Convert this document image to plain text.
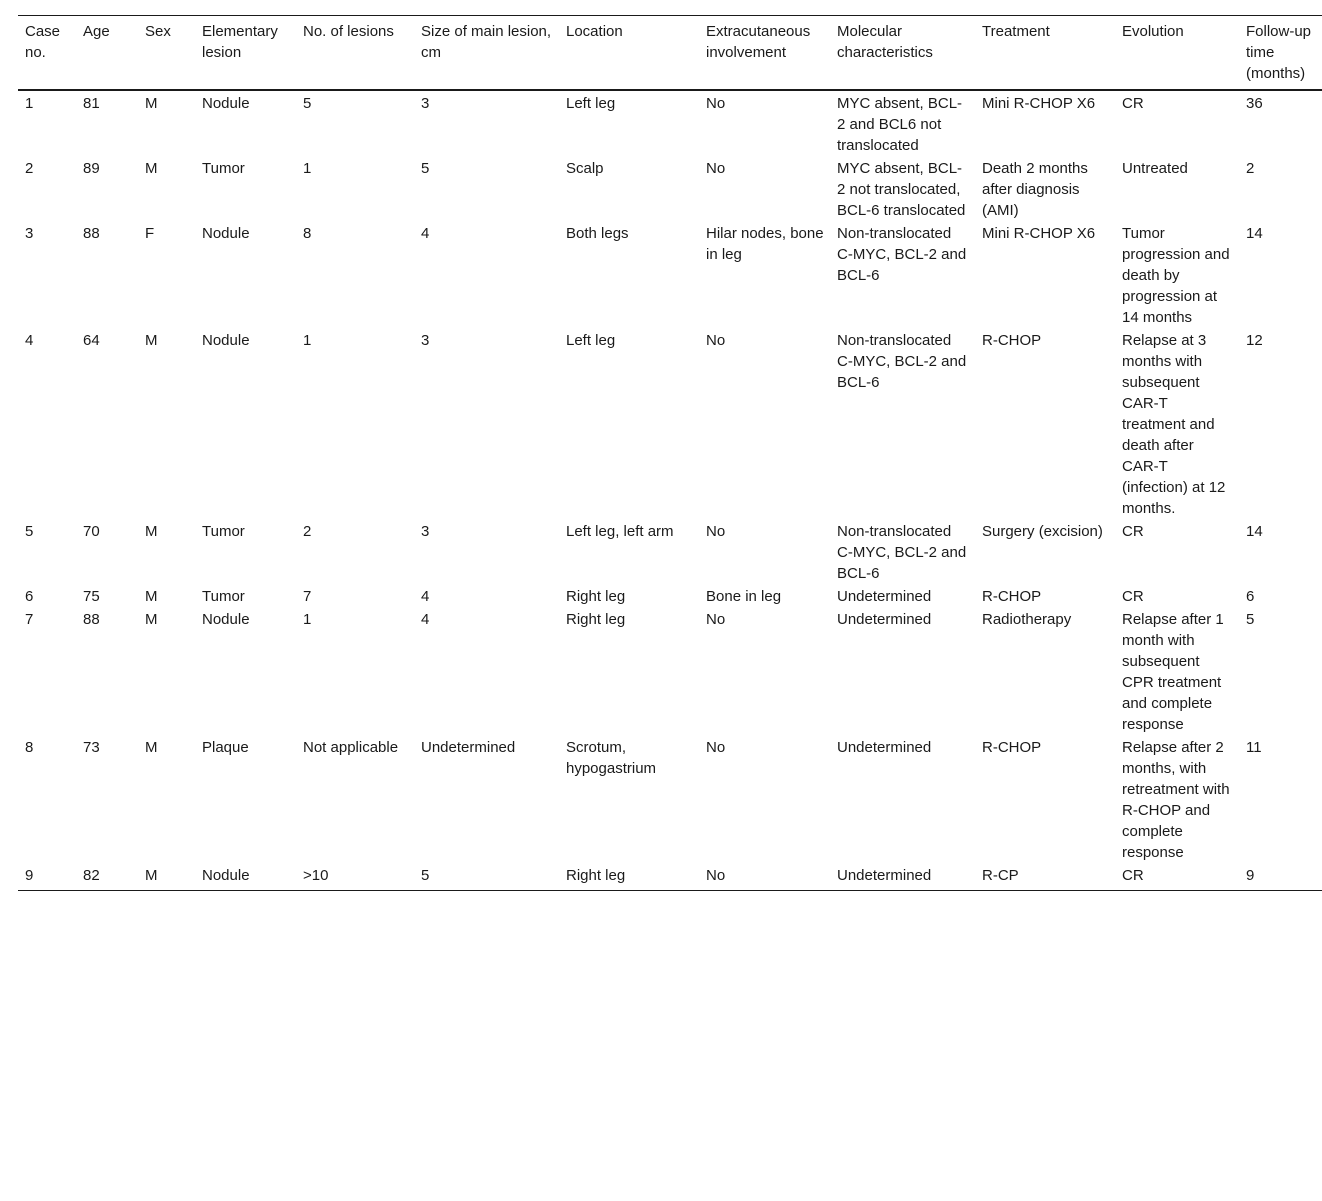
Case no.	Age	Sex	Elementary lesion	No. of lesions	Size of main lesion, cm	Location	Extracutaneous involvement	Molecular characteristics	Treatment	Evolution	Follow-up time (months)
1	81	M	Nodule	5	3	Left leg	No	MYC absent, BCL-2 and BCL6 not translocated	Mini R-CHOP X6	CR	36
2	89	M	Tumor	1	5	Scalp	No	MYC absent, BCL-2 not translocated, BCL-6 translocated	Death 2 months after diagnosis (AMI)	Untreated	2
3	88	F	Nodule	8	4	Both legs	Hilar nodes, bone in leg	Non-translocated C-MYC, BCL-2 and BCL-6	Mini R-CHOP X6	Tumor progression and death by progression at 14 months	14
4	64	M	Nodule	1	3	Left leg	No	Non-translocated C-MYC, BCL-2 and BCL-6	R-CHOP	Relapse at 3 months with subsequent CAR-T treatment and death after CAR-T (infection) at 12 months.	12
5	70	M	Tumor	2	3	Left leg, left arm	No	Non-translocated C-MYC, BCL-2 and BCL-6	Surgery (excision)	CR	14
6	75	M	Tumor	7	4	Right leg	Bone in leg	Undetermined	R-CHOP	CR	6
7	88	M	Nodule	1	4	Right leg	No	Undetermined	Radiotherapy	Relapse after 1 month with subsequent CPR treatment and complete response	5
8	73	M	Plaque	Not applicable	Undetermined	Scrotum, hypogastrium	No	Undetermined	R-CHOP	Relapse after 2 months, with retreatment with R-CHOP and complete response	11
9	82	M	Nodule	>10	5	Right leg	No	Undetermined	R-CP	CR	9
